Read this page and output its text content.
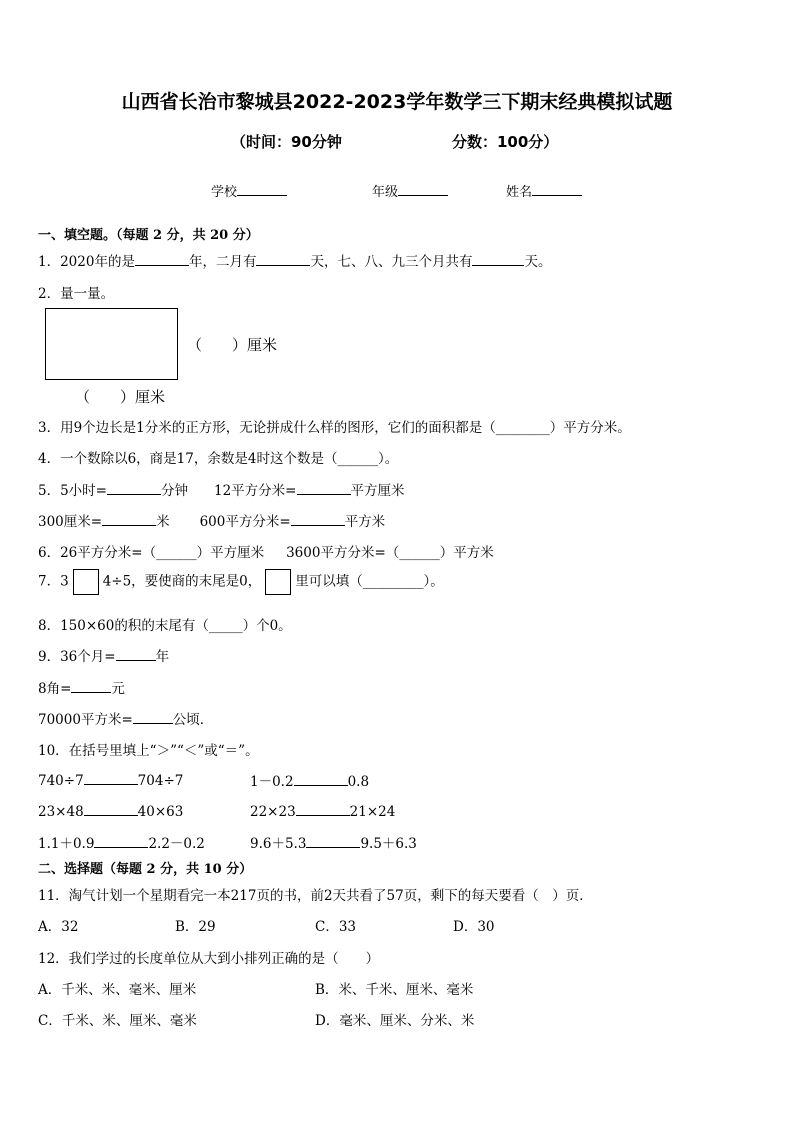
山西省长治市黎城县2022-2023学年数学三下期末经典模拟试题
（时间：90分钟	分数：100分）
学校	年级	姓名
一、填空题。（每题 2 分，共 20 分）
1．2020年的是	年，二月有	天，七、八、九三个月共有	天。
2．量一量。
（　　）厘米
（　　）厘米
3．用9个边长是1分米的正方形，无论拼成什么样的图形，它们的面积都是（________）平方分米。
4．一个数除以6，商是17，余数是4时这个数是（______）。
5．5小时=	分钟 12平方分米=	平方厘米
300厘米=	米 600平方分米=	平方米
6．26平方分米=（______）平方厘米 3600平方分米=（______）平方米
7．3	4÷5，要使商的末尾是0，	里可以填（_________）。
8．150×60的积的末尾有（_____）个0。
9．36个月=	年
8角=	元
70000平方米=	公顷．
10．在括号里填上“＞”“＜”或“＝”。
740÷7	704÷7	1－0.2	0.8
23×48	40×63	22×23	21×24
1.1＋0.9	2.2－0.2	9.6＋5.3	9.5＋6.3
二、选择题（每题 2 分，共 10 分）
11．淘气计划一个星期看完一本217页的书，前2天共看了57页，剩下的每天要看（　）页．
A．32	B．29	C．33	D．30
12．我们学过的长度单位从大到小排列正确的是（　　）
A．千米、米、毫米、厘米	B．米、千米、厘米、毫米
C．千米、米、厘米、毫米	D．毫米、厘米、分米、米
